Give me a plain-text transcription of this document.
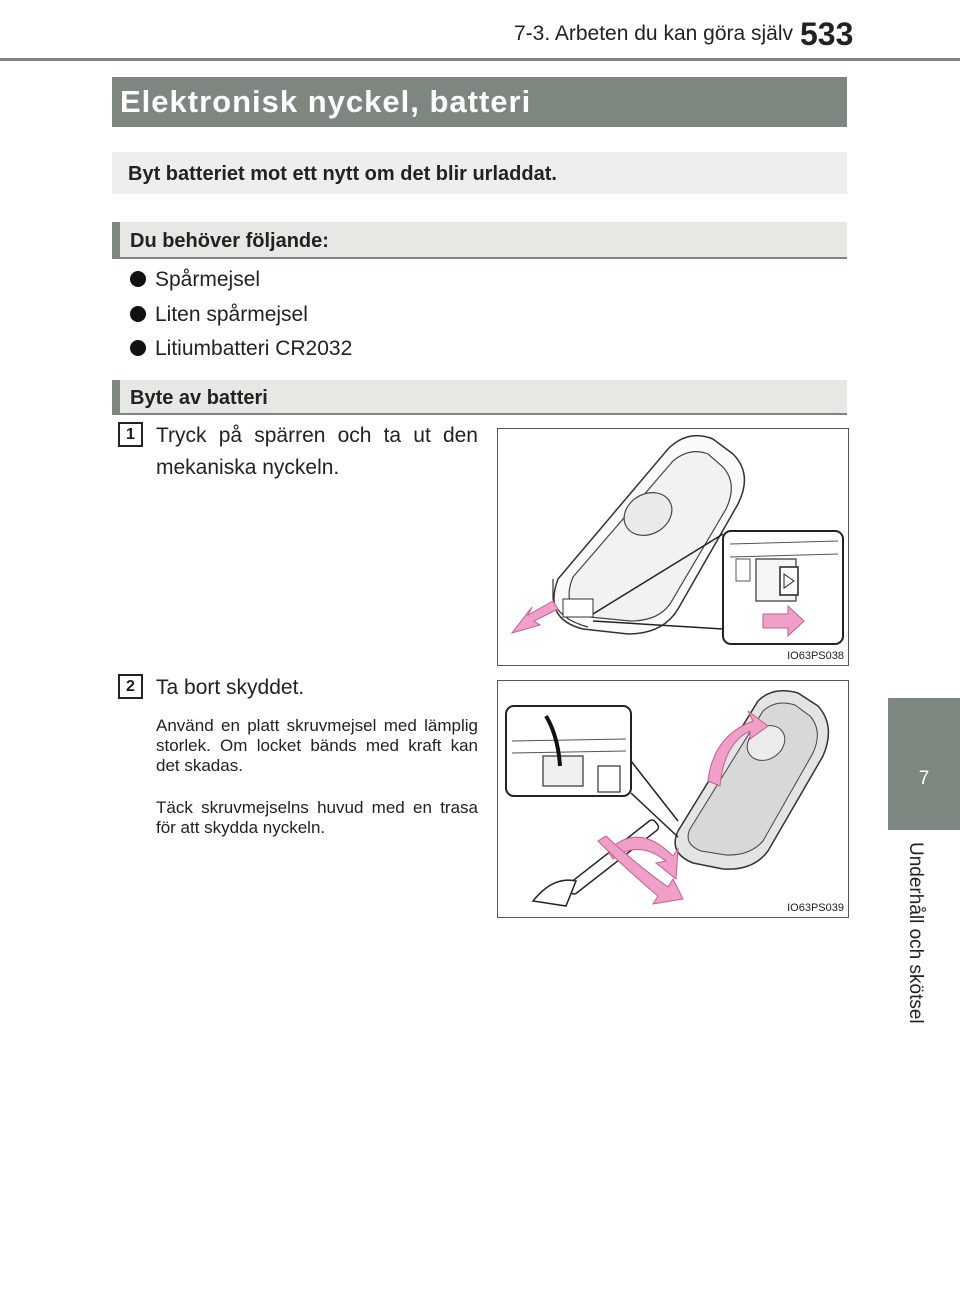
7-3. Arbeten du kan göra själv 533
7
Underhåll och skötsel
Elektronisk nyckel, batteri
Byt batteriet mot ett nytt om det blir urladdat.
Du behöver följande:
Spårmejsel
Liten spårmejsel
Litiumbatteri CR2032
Byte av batteri
1	Tryck på spärren och ta ut den mekaniska nyckeln.
IO63PS038
2	Ta bort skyddet.
Använd en platt skruvmejsel med lämplig storlek. Om locket bänds med kraft kan det skadas.
Täck skruvmejselns huvud med en trasa för att skydda nyckeln.
IO63PS039
